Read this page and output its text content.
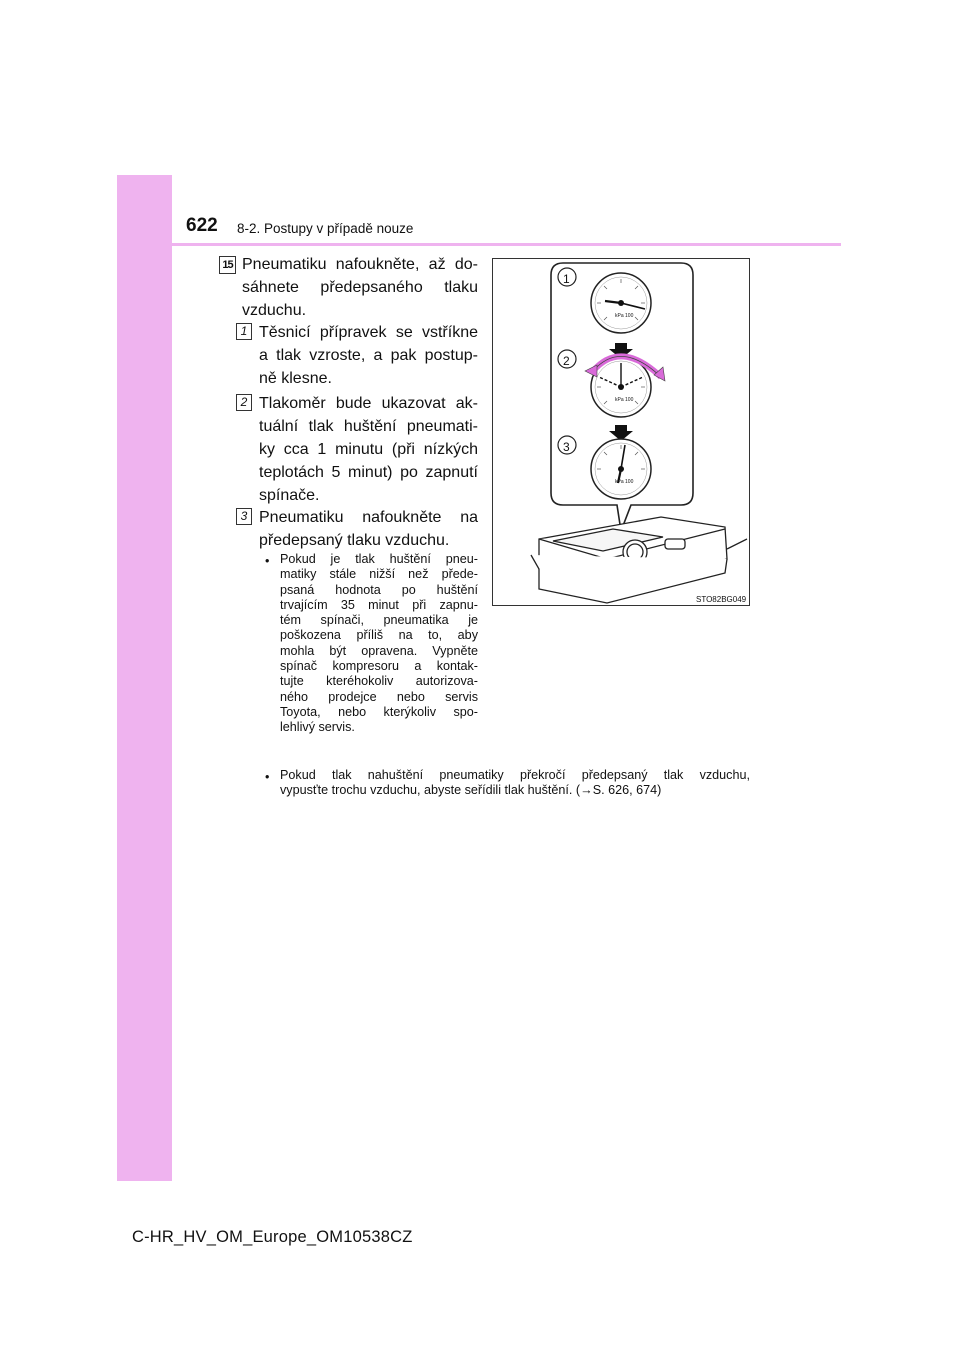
622 8-2. Postupy v případě nouze
15 Pneumatiku nafoukněte, až do-
sáhnete předepsaného tlaku
vzduchu.
1 Těsnicí přípravek se vstříkne
a tlak vzroste, a pak postup-
ně klesne.
2 Tlakoměr bude ukazovat ak-
tuální tlak huštění pneumati-
ky cca 1 minutu (při nízkých
teplotách 5 minut) po zapnutí
spínače.
3 Pneumatiku nafoukněte na
předepsaný tlaku vzduchu.
• Pokud je tlak huštění pneu-
matiky stále nižší než přede-
psaná hodnota po huštění
trvajícím 35 minut při zapnu-
tém spínači, pneumatika je
poškozena příliš na to, aby
mohla být opravena. Vypněte
spínač kompresoru a kontak-
tujte kteréhokoliv autorizova-
ného prodejce nebo servis
Toyota, nebo kterýkoliv spo-
lehlivý servis.
• Pokud tlak nahuštění pneumatiky překročí předepsaný tlak vzduchu,
vypusťte trochu vzduchu, abyste seřídili tlak huštění. (→S. 626, 674)
1
2
3
kPa 100
kPa 100
kPa 100
STO82BG049
C-HR_HV_OM_Europe_OM10538CZ
